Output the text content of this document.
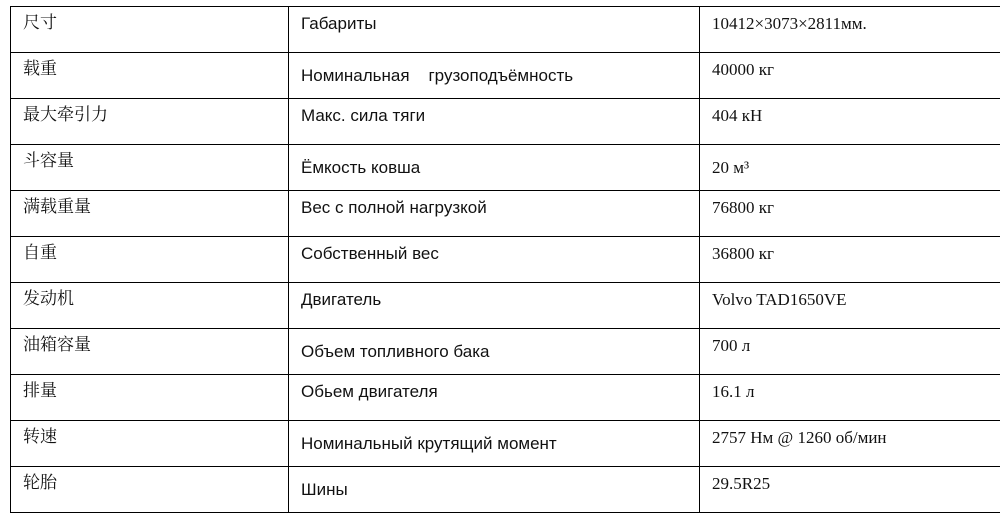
尺寸	Габариты	10412×3073×2811мм.

载重	Номинальная    грузоподъёмность	40000 кг

最大牵引力	Макс. сила тяги	404 кН

斗容量	Ёмкость ковша	20 м³

满载重量	Вес с полной нагрузкой	76800 кг

自重	Собственный вес	36800 кг

发动机	Двигатель	Volvo TAD1650VE

油箱容量	Объем топливного бака	700 л

排量	Обьем двигателя	16.1 л

转速	Номинальный крутящий момент	2757 Нм @ 1260 об/мин

轮胎	Шины	29.5R25
